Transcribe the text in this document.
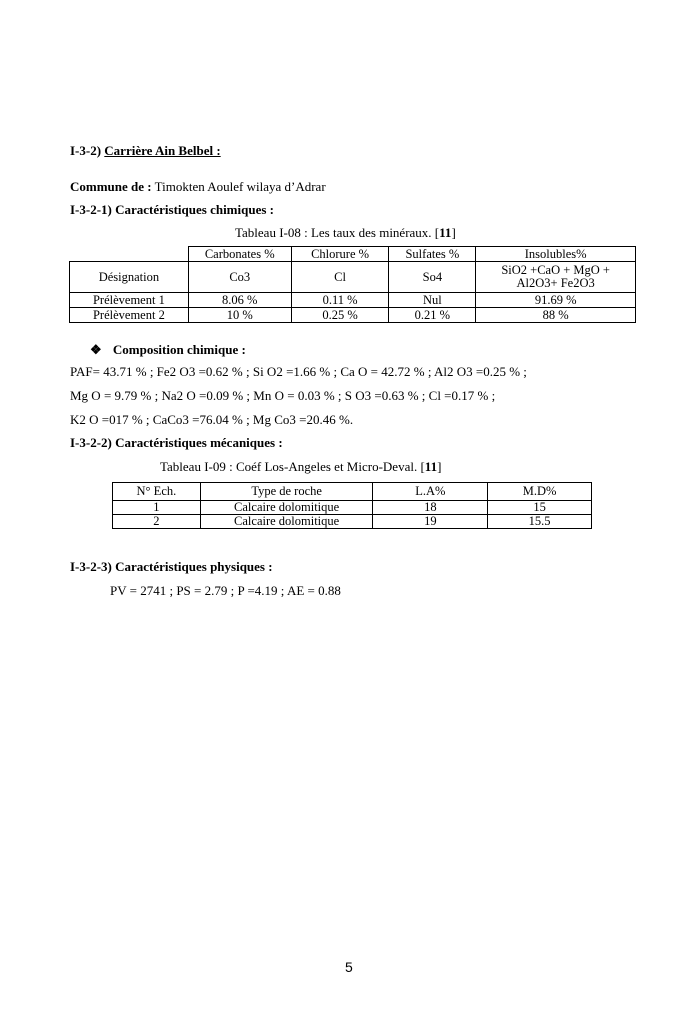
I-3-2) Carrière Ain Belbel :
Commune de : Timokten Aoulef wilaya d’Adrar
I-3-2-1) Caractéristiques chimiques :
Tableau I-08 : Les taux des minéraux. [11]
	Carbonates %	Chlorure %	Sulfates %	Insolubles%
Désignation	Co3	Cl	So4	SiO2 +CaO + MgO +
Al2O3+ Fe2O3

Prélèvement 1	8.06 %	0.11 %	Nul	91.69 %
Prélèvement 2	10 %	0.25 %	0.21 %	88 %
❖ Composition chimique :
PAF= 43.71 % ; Fe2 O3 =0.62 % ; Si O2 =1.66 % ; Ca O = 42.72 % ; Al2 O3 =0.25 % ;
Mg O = 9.79 % ; Na2 O =0.09 % ; Mn O = 0.03 % ; S O3 =0.63 % ; Cl =0.17 % ;
K2 O =017 % ; CaCo3 =76.04 % ; Mg Co3 =20.46 %.
I-3-2-2) Caractéristiques mécaniques :
Tableau I-09 : Coéf Los-Angeles et Micro-Deval. [11]
N° Ech.	Type de roche	L.A%	M.D%
1	Calcaire dolomitique	18	15
2	Calcaire dolomitique	19	15.5
I-3-2-3) Caractéristiques physiques :
PV = 2741 ; PS = 2.79 ; P =4.19 ; AE = 0.88
5
